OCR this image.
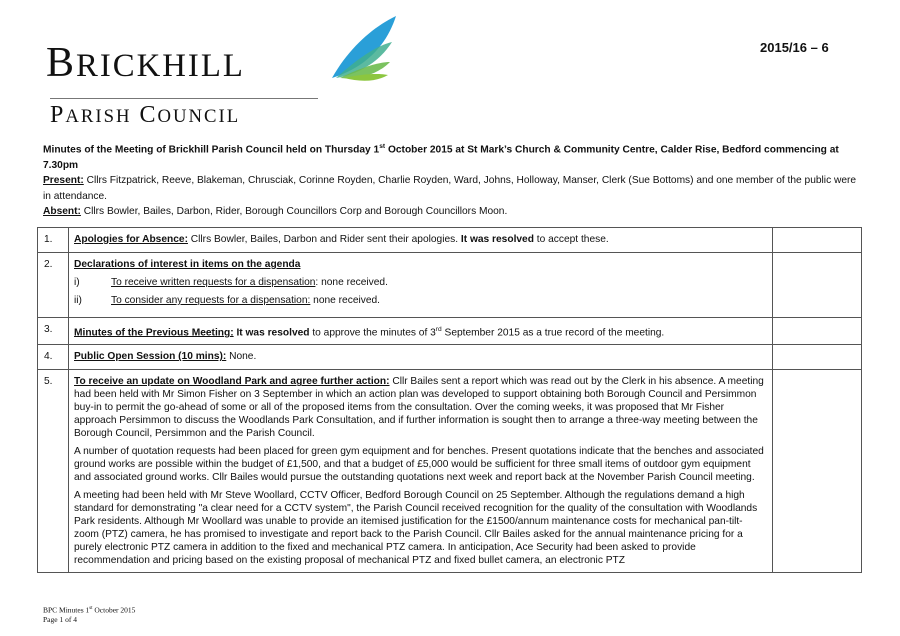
BRICKHILL
PARISH COUNCIL
2015/16 – 6
Minutes of the Meeting of Brickhill Parish Council held on Thursday 1st October 2015 at St Mark’s Church & Community Centre, Calder Rise, Bedford commencing at 7.30pm
Present: Cllrs Fitzpatrick, Reeve, Blakeman, Chrusciak, Corinne Royden, Charlie Royden, Ward, Johns, Holloway, Manser, Clerk (Sue Bottoms) and one member of the public were in attendance.
Absent: Cllrs Bowler, Bailes, Darbon, Rider, Borough Councillors Corp and Borough Councillors Moon.
1.	Apologies for Absence: Cllrs Bowler, Bailes, Darbon and Rider sent their apologies. It was resolved to accept these.	
2.	Declarations of interest in items on the agenda
i) To receive written requests for a dispensation: none received.
ii) To consider any requests for a dispensation: none received.	

3.	Minutes of the Previous Meeting: It was resolved to approve the minutes of 3rd September 2015 as a true record of the meeting.	
4.	Public Open Session (10 mins): None.	
5.	To receive an update on Woodland Park and agree further action: Cllr Bailes sent a report which was read out by the Clerk in his absence. A meeting had been held with Mr Simon Fisher on 3 September in which an action plan was developed to support obtaining both Borough Council and Persimmon buy-in to permit the go-ahead of some or all of the proposed items from the consultation. Over the coming weeks, it was proposed that Mr Fisher approach Persimmon to discuss the Woodlands Park Consultation, and if further information is sought then to arrange a three-way meeting between the Borough Council, Persimmon and the Parish Council.

A number of quotation requests had been placed for green gym equipment and for benches. Present quotations indicate that the benches and associated ground works are possible within the budget of £1,500, and that a budget of £5,000 would be sufficient for three small items of outdoor gym equipment and associated ground works. Cllr Bailes would pursue the outstanding quotations next week and report back at the November Parish Council meeting.

A meeting had been held with Mr Steve Woollard, CCTV Officer, Bedford Borough Council on 25 September. Although the regulations demand a high standard for demonstrating "a clear need for a CCTV system", the Parish Council received recognition for the quality of the consultation with Woodlands Park residents. Although Mr Woollard was unable to provide an itemised justification for the £1500/annum maintenance costs for mechanical pan-tilt-zoom (PTZ) camera, he has promised to investigate and report back to the Parish Council. Cllr Bailes asked for the annual maintenance pricing for a purely electronic PTZ camera in addition to the fixed and mechanical PTZ camera. In anticipation, Ace Security had been asked to provide recommendation and pricing based on the existing proposal of mechanical PTZ and fixed bullet camera, an electronic PTZ	

BPC Minutes 1st October 2015
Page 1 of 4
